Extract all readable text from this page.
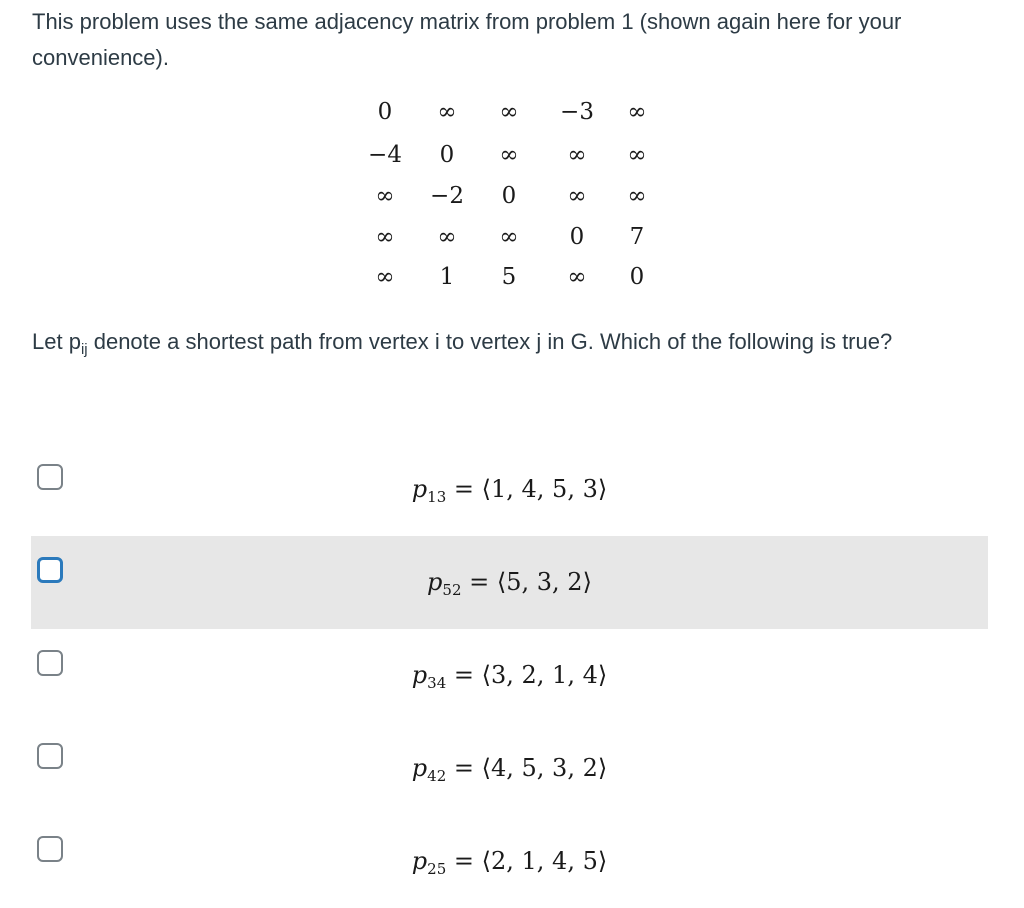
This problem uses the same adjacency matrix from problem 1 (shown again here for your convenience).
0	∞	∞	−3	∞
−4	0	∞	∞	∞
∞	−2	0	∞	∞
∞	∞	∞	0	7
∞	1	5	∞	0
Let $p_{ij}$ denote a shortest path from vertex i to vertex j in G. Which of the following is true?
$p_{13}$ = ⟨1, 4, 5, 3⟩
$p_{52}$ = ⟨5, 3, 2⟩
$p_{34}$ = ⟨3, 2, 1, 4⟩
$p_{42}$ = ⟨4, 5, 3, 2⟩
$p_{25}$ = ⟨2, 1, 4, 5⟩
